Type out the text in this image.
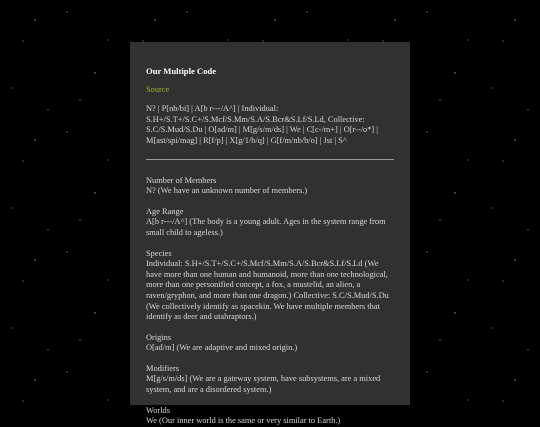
Our Multiple Code
Source
N? | P[nb/bi] | A[b r---/A^] | Individual: S.H+/S.T+/S.C+/S.Mcf/S.Mm/S.A/S.Bcr&S.Lf/S.Ld, Collective: S.C/S.Mud/S.Du | O[ad/m] | M[g/s/m/ds] | We | C[c-/m+] | O[r--/o*] | M[ast/spi/mag] | R[f/p] | X[g/1/b/q] | G[f/m/nb/b/o] | Jst | S^

Number of Members

N? (We have an unknown number of members.)

Age Range

A[b r---/A^] (The body is a young adult. Ages in the system range from small child to ageless.)

Species

Individual: S.H+/S.T+/S.C+/S.Mcf/S.Mm/S.A/S.Bcr&S.Lf/S.Ld (We have more than one human and humanoid, more than one technological, more than one personified concept, a fox, a mustelid, an alien, a raven/gryphon, and more than one dragon.) Collective: S.C/S.Mud/S.Du (We collectively identify as spacekin. We have multiple members that identify as deer and utahraptors.)

Origins

O[ad/m] (We are adaptive and mixed origin.)

Modifiers

M[g/s/m/ds] (We are a gateway system, have subsystems, are a mixed system, and are a disordered system.)

Worlds

We (Our inner world is the same or very similar to Earth.)
